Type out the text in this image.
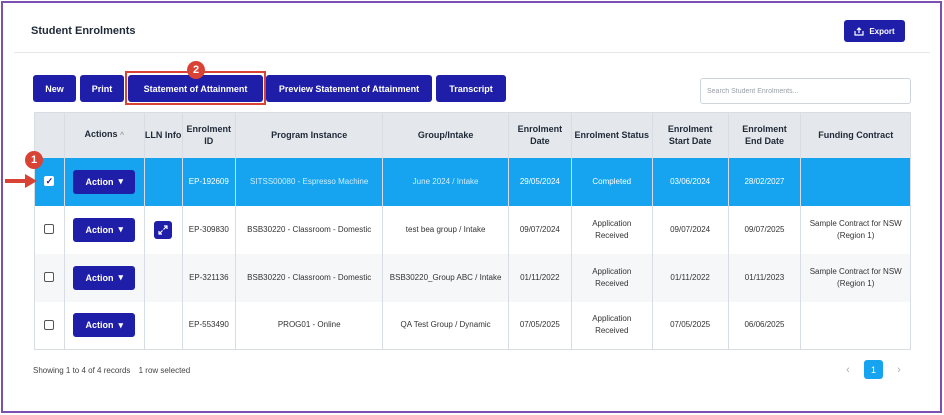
Student Enrolments	Export
New	Print	Statement of Attainment	Preview Statement of Attainment	Transcript
2
Search Student Enrolments...
	Actions ^	LLN Info	Enrolment ID	Program Instance	Group/Intake	Enrolment Date	Enrolment Status	Enrolment Start Date	Enrolment End Date	Funding Contract
✓	Action ▾		EP-192609	SITSS00080 - Espresso Machine	June 2024 / Intake	29/05/2024	Completed	03/06/2024	28/02/2027	

	Action ▾		EP-309830	BSB30220 - Classroom - Domestic	test bea group / Intake	09/07/2024	Application Received	09/07/2024	09/07/2025	Sample Contract for NSW (Region 1)

	Action ▾		EP-321136	BSB30220 - Classroom - Domestic	BSB30220_Group ABC / Intake	01/11/2022	Application Received	01/11/2022	01/11/2023	Sample Contract for NSW (Region 1)

	Action ▾		EP-553490	PROG01 - Online	QA Test Group / Dynamic	07/05/2025	Application Received	07/05/2025	06/06/2025	
1
Showing 1 to 4 of 4 records 1 row selected	‹	1	›
